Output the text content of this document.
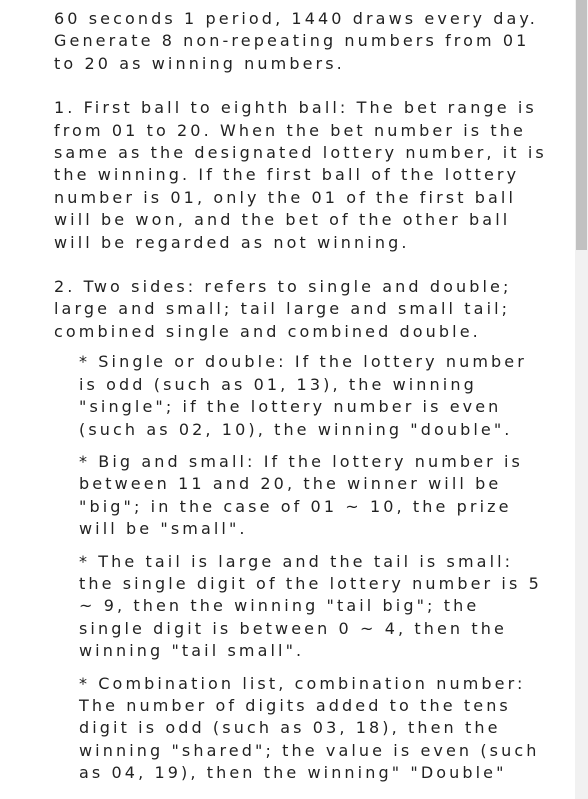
60 seconds 1 period, 1440 draws every day.

Generate 8 non-repeating numbers from 01

to 20 as winning numbers.

1. First ball to eighth ball: The bet range is

from 01 to 20. When the bet number is the

same as the designated lottery number, it is

the winning. If the first ball of the lottery

number is 01, only the 01 of the first ball

will be won, and the bet of the other ball

will be regarded as not winning.

2. Two sides: refers to single and double;

large and small; tail large and small tail;

combined single and combined double.

* Single or double: If the lottery number
is odd (such as 01, 13), the winning
"single"; if the lottery number is even
(such as 02, 10), the winning "double".

* Big and small: If the lottery number is
between 11 and 20, the winner will be
"big"; in the case of 01 ~ 10, the prize
will be "small".

* The tail is large and the tail is small:
the single digit of the lottery number is 5
~ 9, then the winning "tail big"; the
single digit is between 0 ~ 4, then the
winning "tail small".

* Combination list, combination number:
The number of digits added to the tens
digit is odd (such as 03, 18), then the
winning "shared"; the value is even (such
as 04, 19), then the winning" "Double"
